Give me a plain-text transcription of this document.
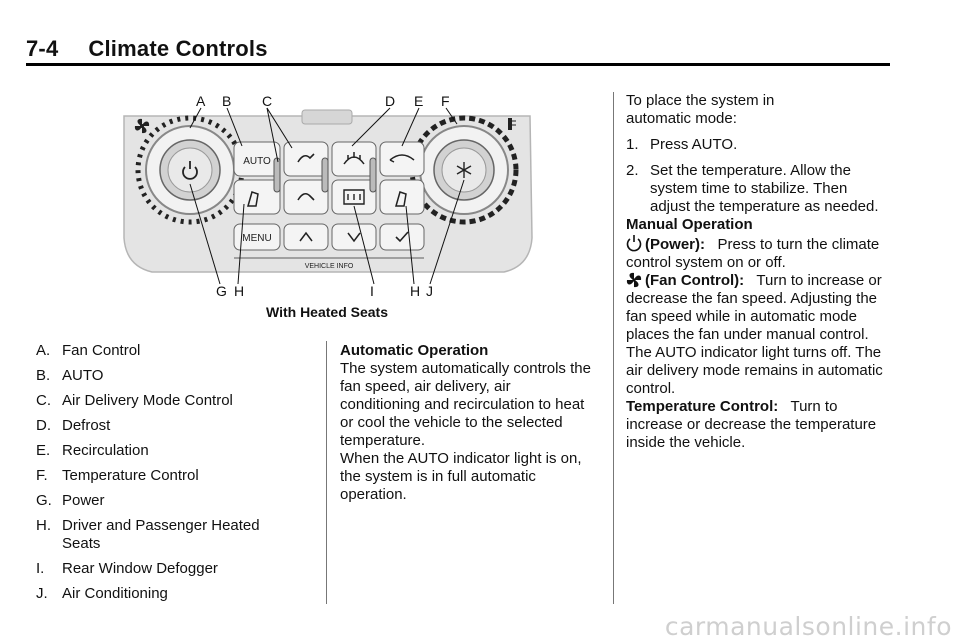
7-4 Climate Controls
A B C	D E F
G H	I	H J
AUTO
MENU
VEHICLE INFO
With Heated Seats
A. Fan Control
B. AUTO
C. Air Delivery Mode Control
D. Defrost
E. Recirculation
F. Temperature Control
G. Power
H. Driver and Passenger Heated Seats
I.	Rear Window Defogger
J. Air Conditioning

Automatic Operation

The system automatically controls the fan speed, air delivery, air conditioning and recirculation to heat or cool the vehicle to the selected temperature.

When the AUTO indicator light is on, the system is in full automatic operation.

To place the system in automatic mode:

1. Press AUTO.
2. Set the temperature. Allow the system time to stabilize. Then adjust the temperature as needed.

Manual Operation

(Power): Press to turn the climate control system on or off.

(Fan Control): Turn to increase or decrease the fan speed. Adjusting the fan speed while in automatic mode places the fan under manual control. The AUTO indicator light turns off. The air delivery mode remains in automatic control.

Temperature Control: Turn to increase or decrease the temperature inside the vehicle.

carmanualsonline.info
